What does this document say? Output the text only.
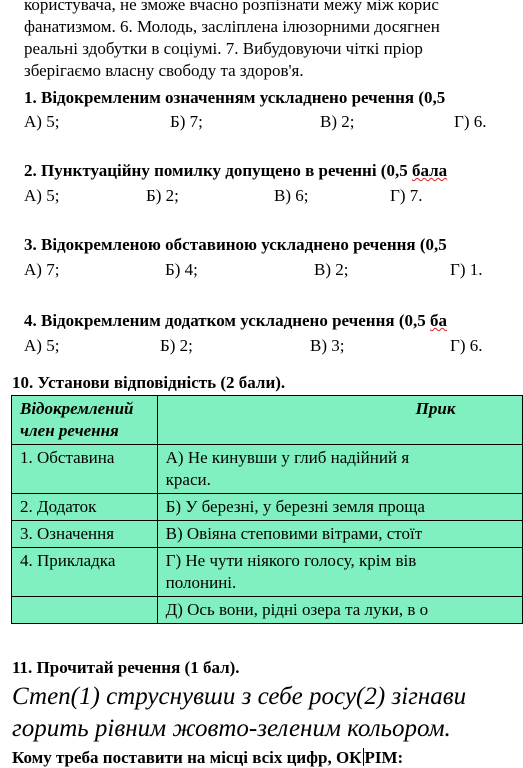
користувача, не зможе вчасно розпізнати межу між корис
фанатизмом. 6. Молодь, засліплена ілюзорними досягнен
реальні здобутки в соціумі. 7. Вибудовуючи чіткі пріор
зберігаємо власну свободу та здоров'я.
1. Відокремленим означенням ускладнено речення (0,5
А) 5;	Б) 7;	В) 2;	Г) 6.
2. Пунктуаційну помилку допущено в реченні (0,5 бала
А) 5;	Б) 2;	В) 6;	Г) 7.
3. Відокремленою обставиною ускладнено речення (0,5
А) 7;	Б) 4;	В) 2;	Г) 1.
4. Відокремленим додатком ускладнено речення (0,5 ба
А) 5;	Б) 2;	В) 3;	Г) 6.
10. Установи відповідність (2 бали).
Відокремлений член речення	Прик
1. Обставина	А) Не кинувши у глиб надійний я
краси.

2. Додаток	Б) У березні, у березні земля проща

3. Означення	В) Овіяна степовими вітрами, стоїт

4. Прикладка	Г) Не чути ніякого голосу, крім вів
полонині.

	Д) Ось вони, рідні озера та луки, в о
11. Прочитай речення (1 бал).
Степ(1) струснувши з себе росу(2) зігнави
горить рівним жовто-зеленим кольором.
Кому треба поставити на місці всіх цифр, ОК РІМ:
